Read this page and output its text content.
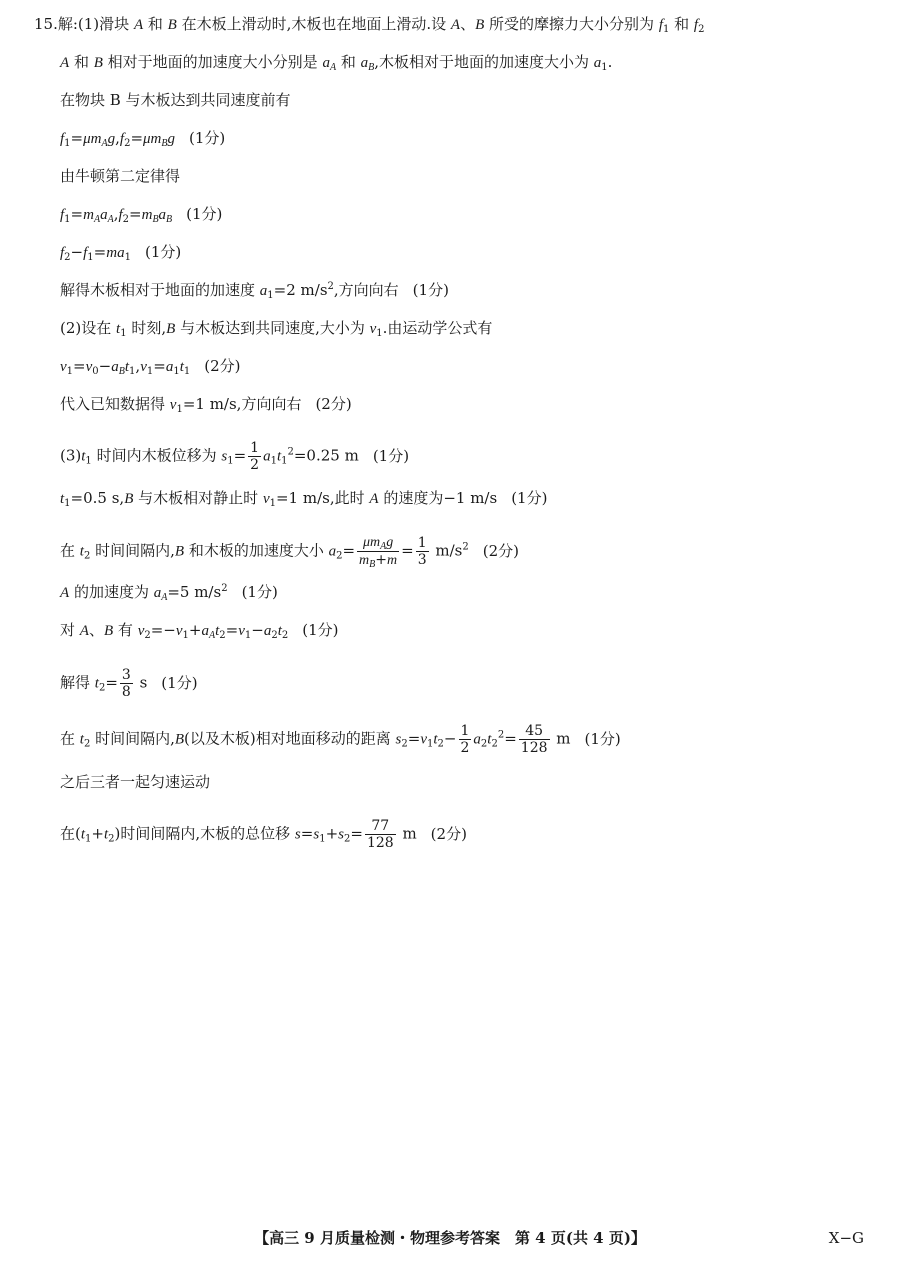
15.解:(1)滑块 A 和 B 在木板上滑动时,木板也在地面上滑动.设 A、B 所受的摩擦力大小分别为 $f_1$ 和 $f_2$
A 和 B 相对于地面的加速度大小分别是 $a_A$ 和 $a_B$,木板相对于地面的加速度大小为 $a_1$.
在物块 B 与木板达到共同速度前有
$f_1=\mu m_Ag,f_2=\mu m_Bg$ (1分)
由牛顿第二定律得
$f_1=m_Aa_A,f_2=m_Ba_B$ (1分)
$f_2-f_1=ma_1$ (1分)
解得木板相对于地面的加速度 $a_1=2$ $m/s^2$,方向向右 (1分)
(2)设在 $t_1$ 时刻,B 与木板达到共同速度,大小为 $v_1$.由运动学公式有
$v_1=v_0-a_Bt_1,v_1=a_1t_1$ (2分)
代入已知数据得 $v_1=1$ m/s,方向向右 (2分)
$(3)t_1$ 时间内木板位移为 $s_1= \frac{1}{2} a_1t_1^2=0.25$ m (1分)
$t_1=0.5$ s,B 与木板相对静止时 $v_1=1$ m/s,此时 A 的速度为−1 m/s (1分)
在 $t_2$ 时间间隔内,B 和木板的加速度大小 $a_2= \frac{\mu m_Ag}{m_B+m} = \frac{1}{3} m/s^2$ (2分)
A 的加速度为 $a_A=5$ $m/s^2$ (1分)
对 A、B 有 $v_2=-v_1+a_At_2=v_1-a_2t_2$ (1分)
解得 $t_2= \frac{3}{8}$ s (1分)
在 $t_2$ 时间间隔内,B(以及木板)相对地面移动的距离 $s_2=v_1t_2- \frac{1}{2} a_2t_2^2= \frac{45}{128}$ m (1分)
之后三者一起匀速运动
在$(t_1+t_2)$时间间隔内,木板的总位移 $s=s_1+s_2= \frac{77}{128}$ m (2分)
【高三 9 月质量检测・物理参考答案　第 4 页(共 4 页)】	X−G
